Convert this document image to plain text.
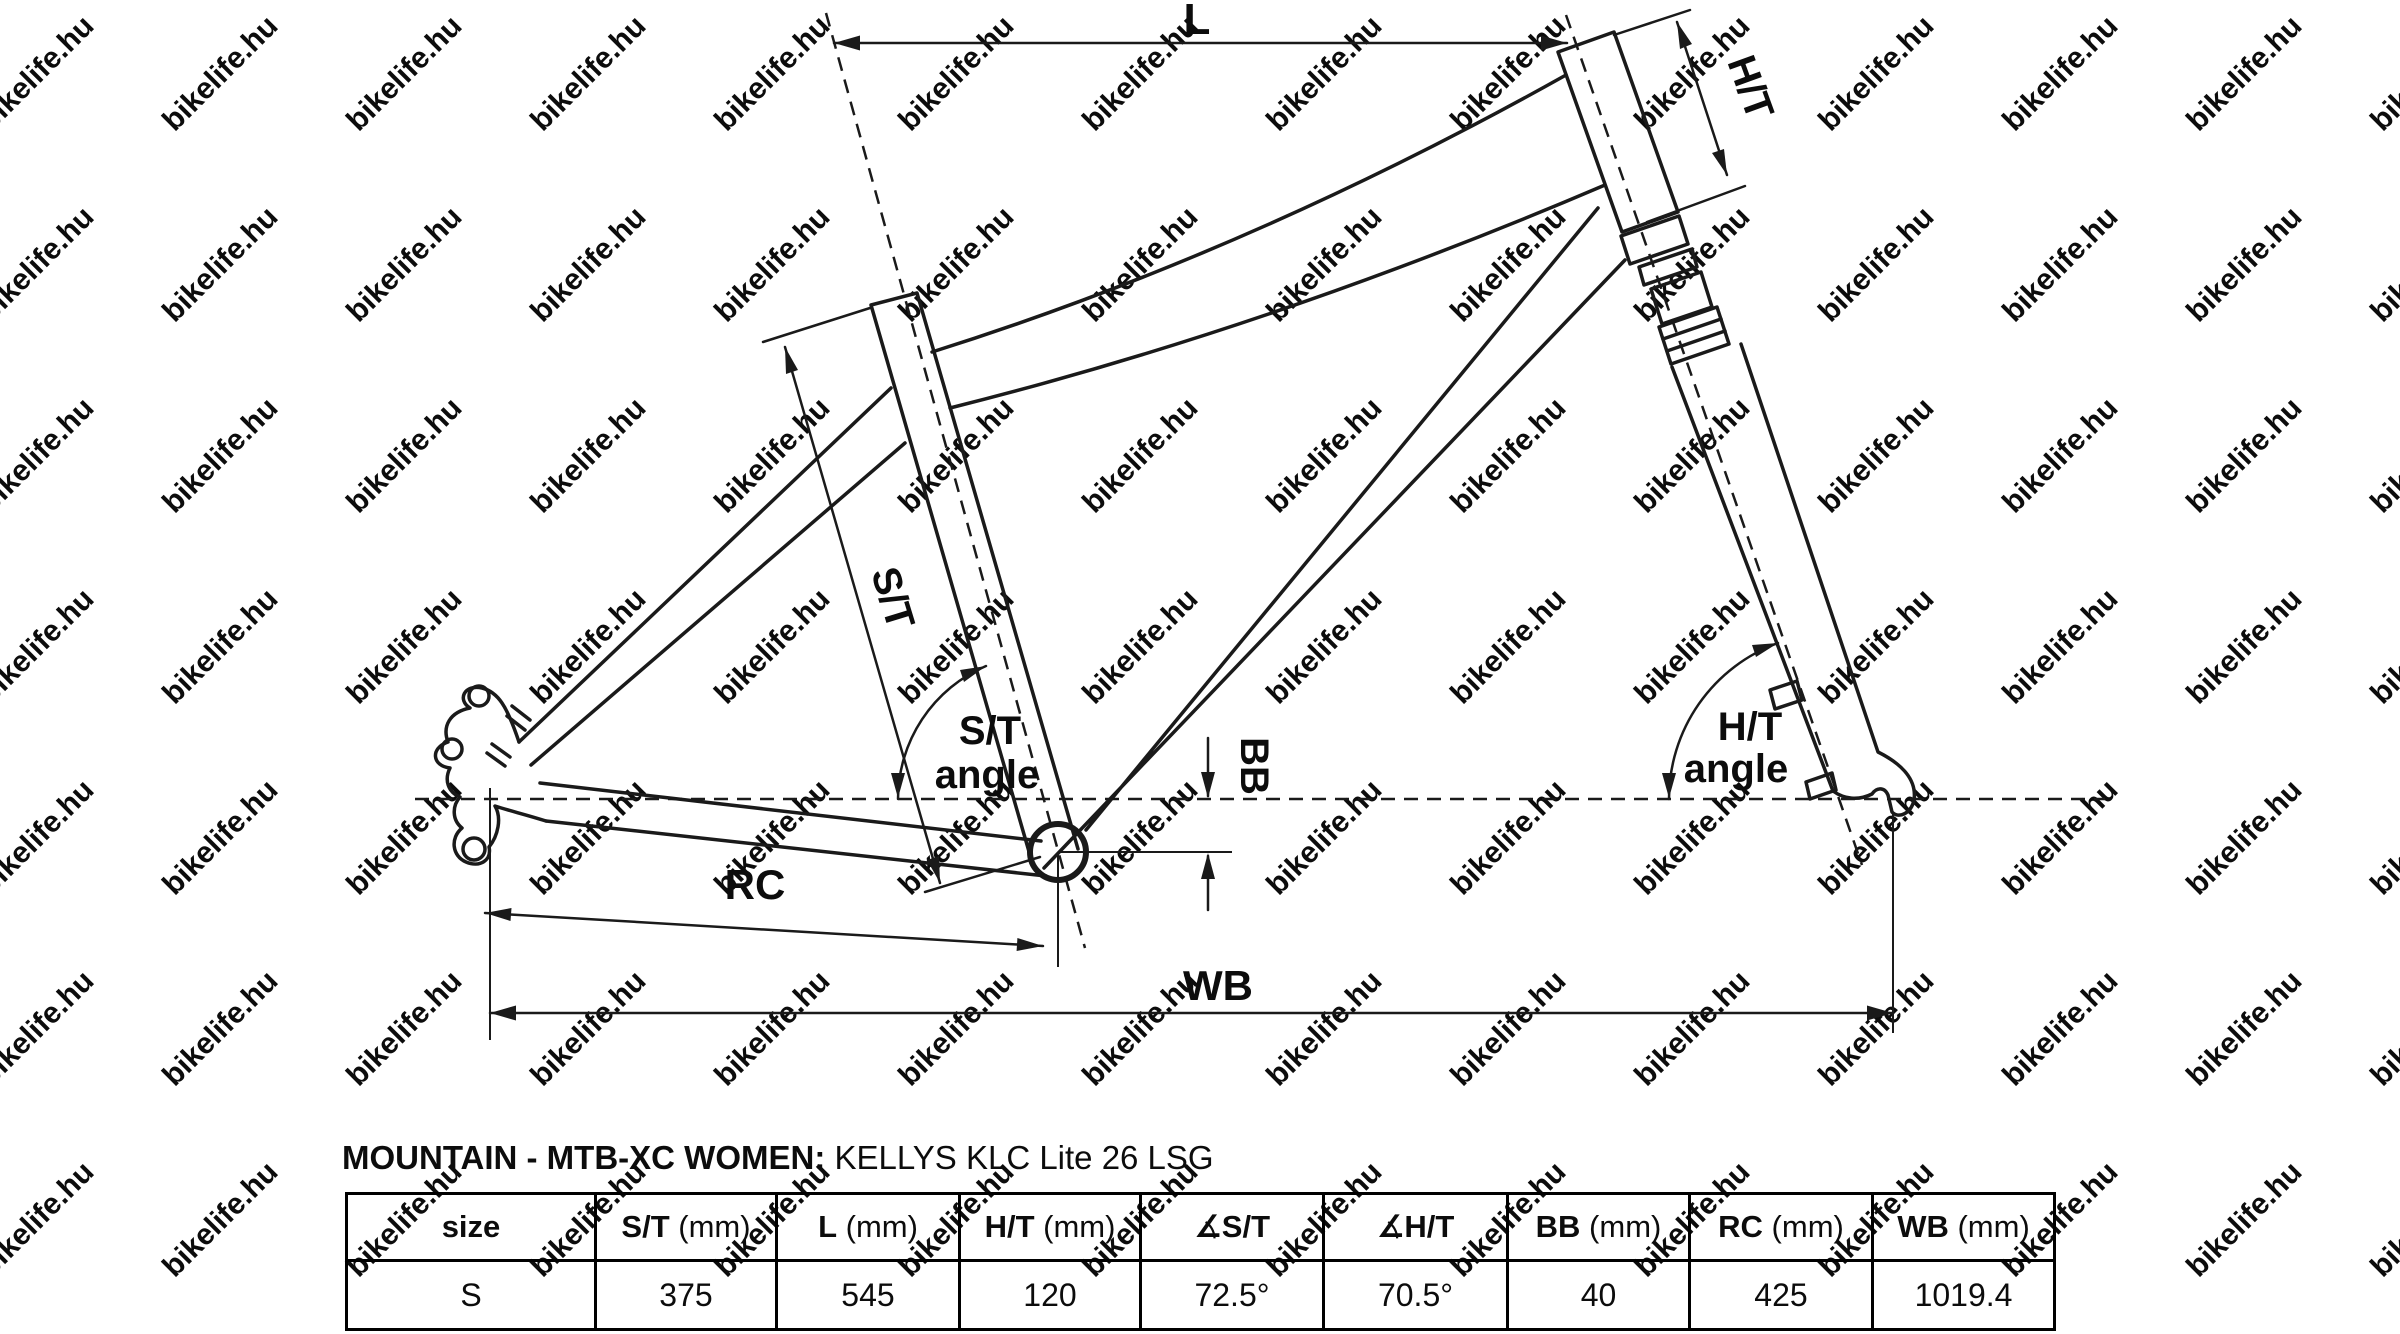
L
H/T
S/T
S/T
angle
H/T
angle
BB
RC
WB
MOUNTAIN - MTB-XC WOMEN: KELLYS KLC Lite 26 LSG
size	S/T (mm)	L (mm)	H/T (mm)	∡S/T	∡H/T	BB (mm)	RC (mm)	WB (mm)
S	375	545	120	72.5°	70.5°	40	425	1019.4
